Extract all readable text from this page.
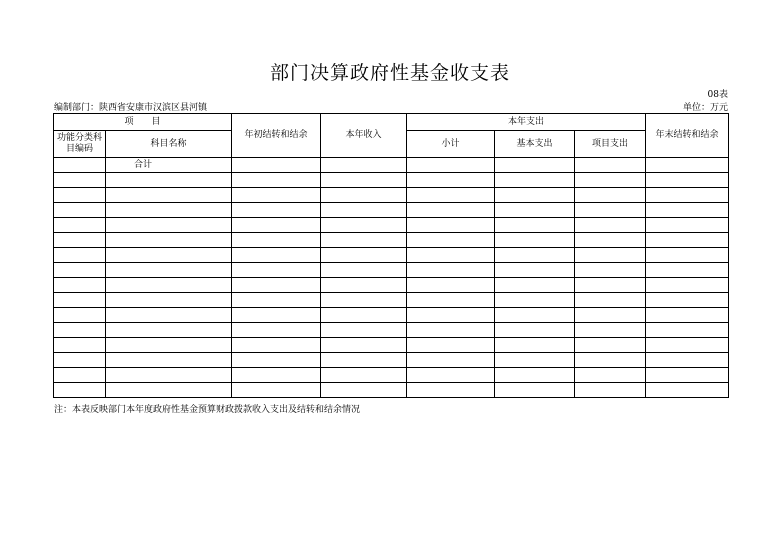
部门决算政府性基金收支表
08表
编制部门：陕西省安康市汉滨区县河镇	单位：万元
项　　目		年初结转和结余	本年收入	本年支出			年末结转和结余
功能分类科目编码	科目名称			小计	基本支出	项目支出	
	合计						

注：本表反映部门本年度政府性基金预算财政拨款收入支出及结转和结余情况
